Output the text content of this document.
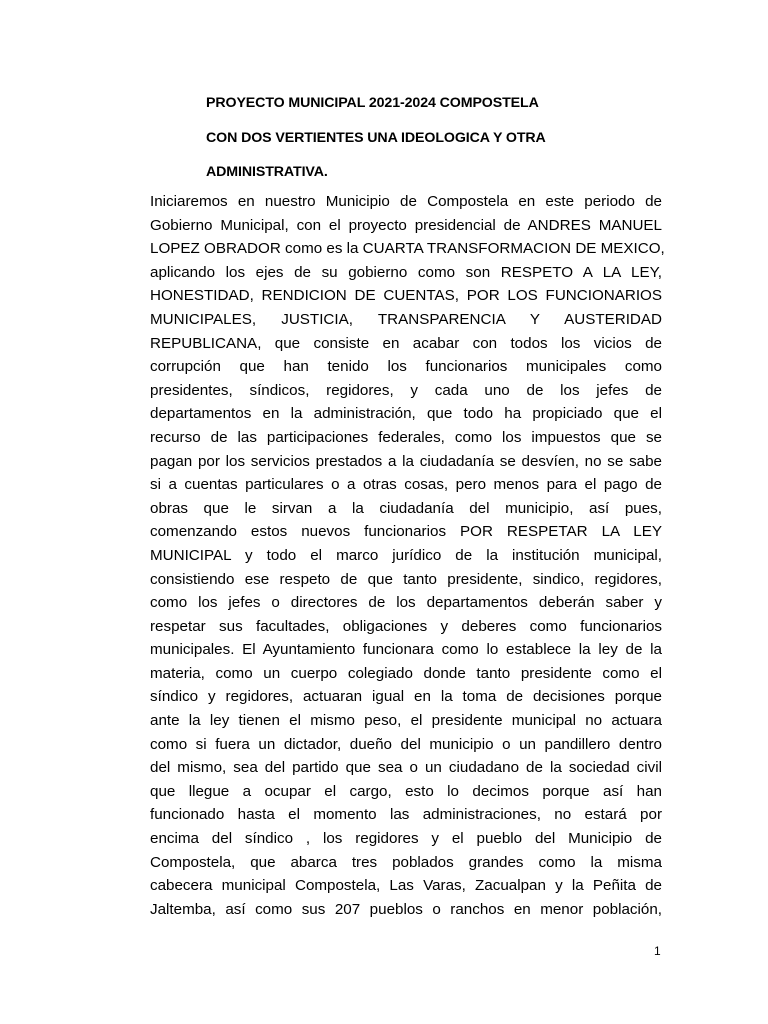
PROYECTO MUNICIPAL 2021-2024 COMPOSTELA
CON DOS VERTIENTES UNA IDEOLOGICA Y OTRA
ADMINISTRATIVA.
Iniciaremos en nuestro Municipio de Compostela en este periodo de
Gobierno Municipal, con el proyecto presidencial de ANDRES MANUEL
LOPEZ OBRADOR como es la CUARTA TRANSFORMACION DE MEXICO,
aplicando los ejes de su gobierno como son RESPETO A LA LEY,
HONESTIDAD, RENDICION DE CUENTAS, POR LOS FUNCIONARIOS
MUNICIPALES, JUSTICIA, TRANSPARENCIA Y AUSTERIDAD
REPUBLICANA, que consiste en acabar con todos los vicios de
corrupción que han tenido los funcionarios municipales como
presidentes, síndicos, regidores, y cada uno de los jefes de
departamentos en la administración, que todo ha propiciado que el
recurso de las participaciones federales, como los impuestos que se
pagan por los servicios prestados a la ciudadanía se desvíen, no se sabe
si a cuentas particulares o a otras cosas, pero menos para el pago de
obras que le sirvan a la ciudadanía del municipio, así pues,
comenzando estos nuevos funcionarios POR RESPETAR LA LEY
MUNICIPAL y todo el marco jurídico de la institución municipal,
consistiendo ese respeto de que tanto presidente, sindico, regidores,
como los jefes o directores de los departamentos deberán saber y
respetar sus facultades, obligaciones y deberes como funcionarios
municipales. El Ayuntamiento funcionara como lo establece la ley de la
materia, como un cuerpo colegiado donde tanto presidente como el
síndico y regidores, actuaran igual en la toma de decisiones porque
ante la ley tienen el mismo peso, el presidente municipal no actuara
como si fuera un dictador, dueño del municipio o un pandillero dentro
del mismo, sea del partido que sea o un ciudadano de la sociedad civil
que llegue a ocupar el cargo, esto lo decimos porque así han
funcionado hasta el momento las administraciones, no estará por
encima del síndico , los regidores y el pueblo del Municipio de
Compostela, que abarca tres poblados grandes como la misma
cabecera municipal Compostela, Las Varas, Zacualpan y la Peñita de
Jaltemba, así como sus 207 pueblos o ranchos en menor población,
1
